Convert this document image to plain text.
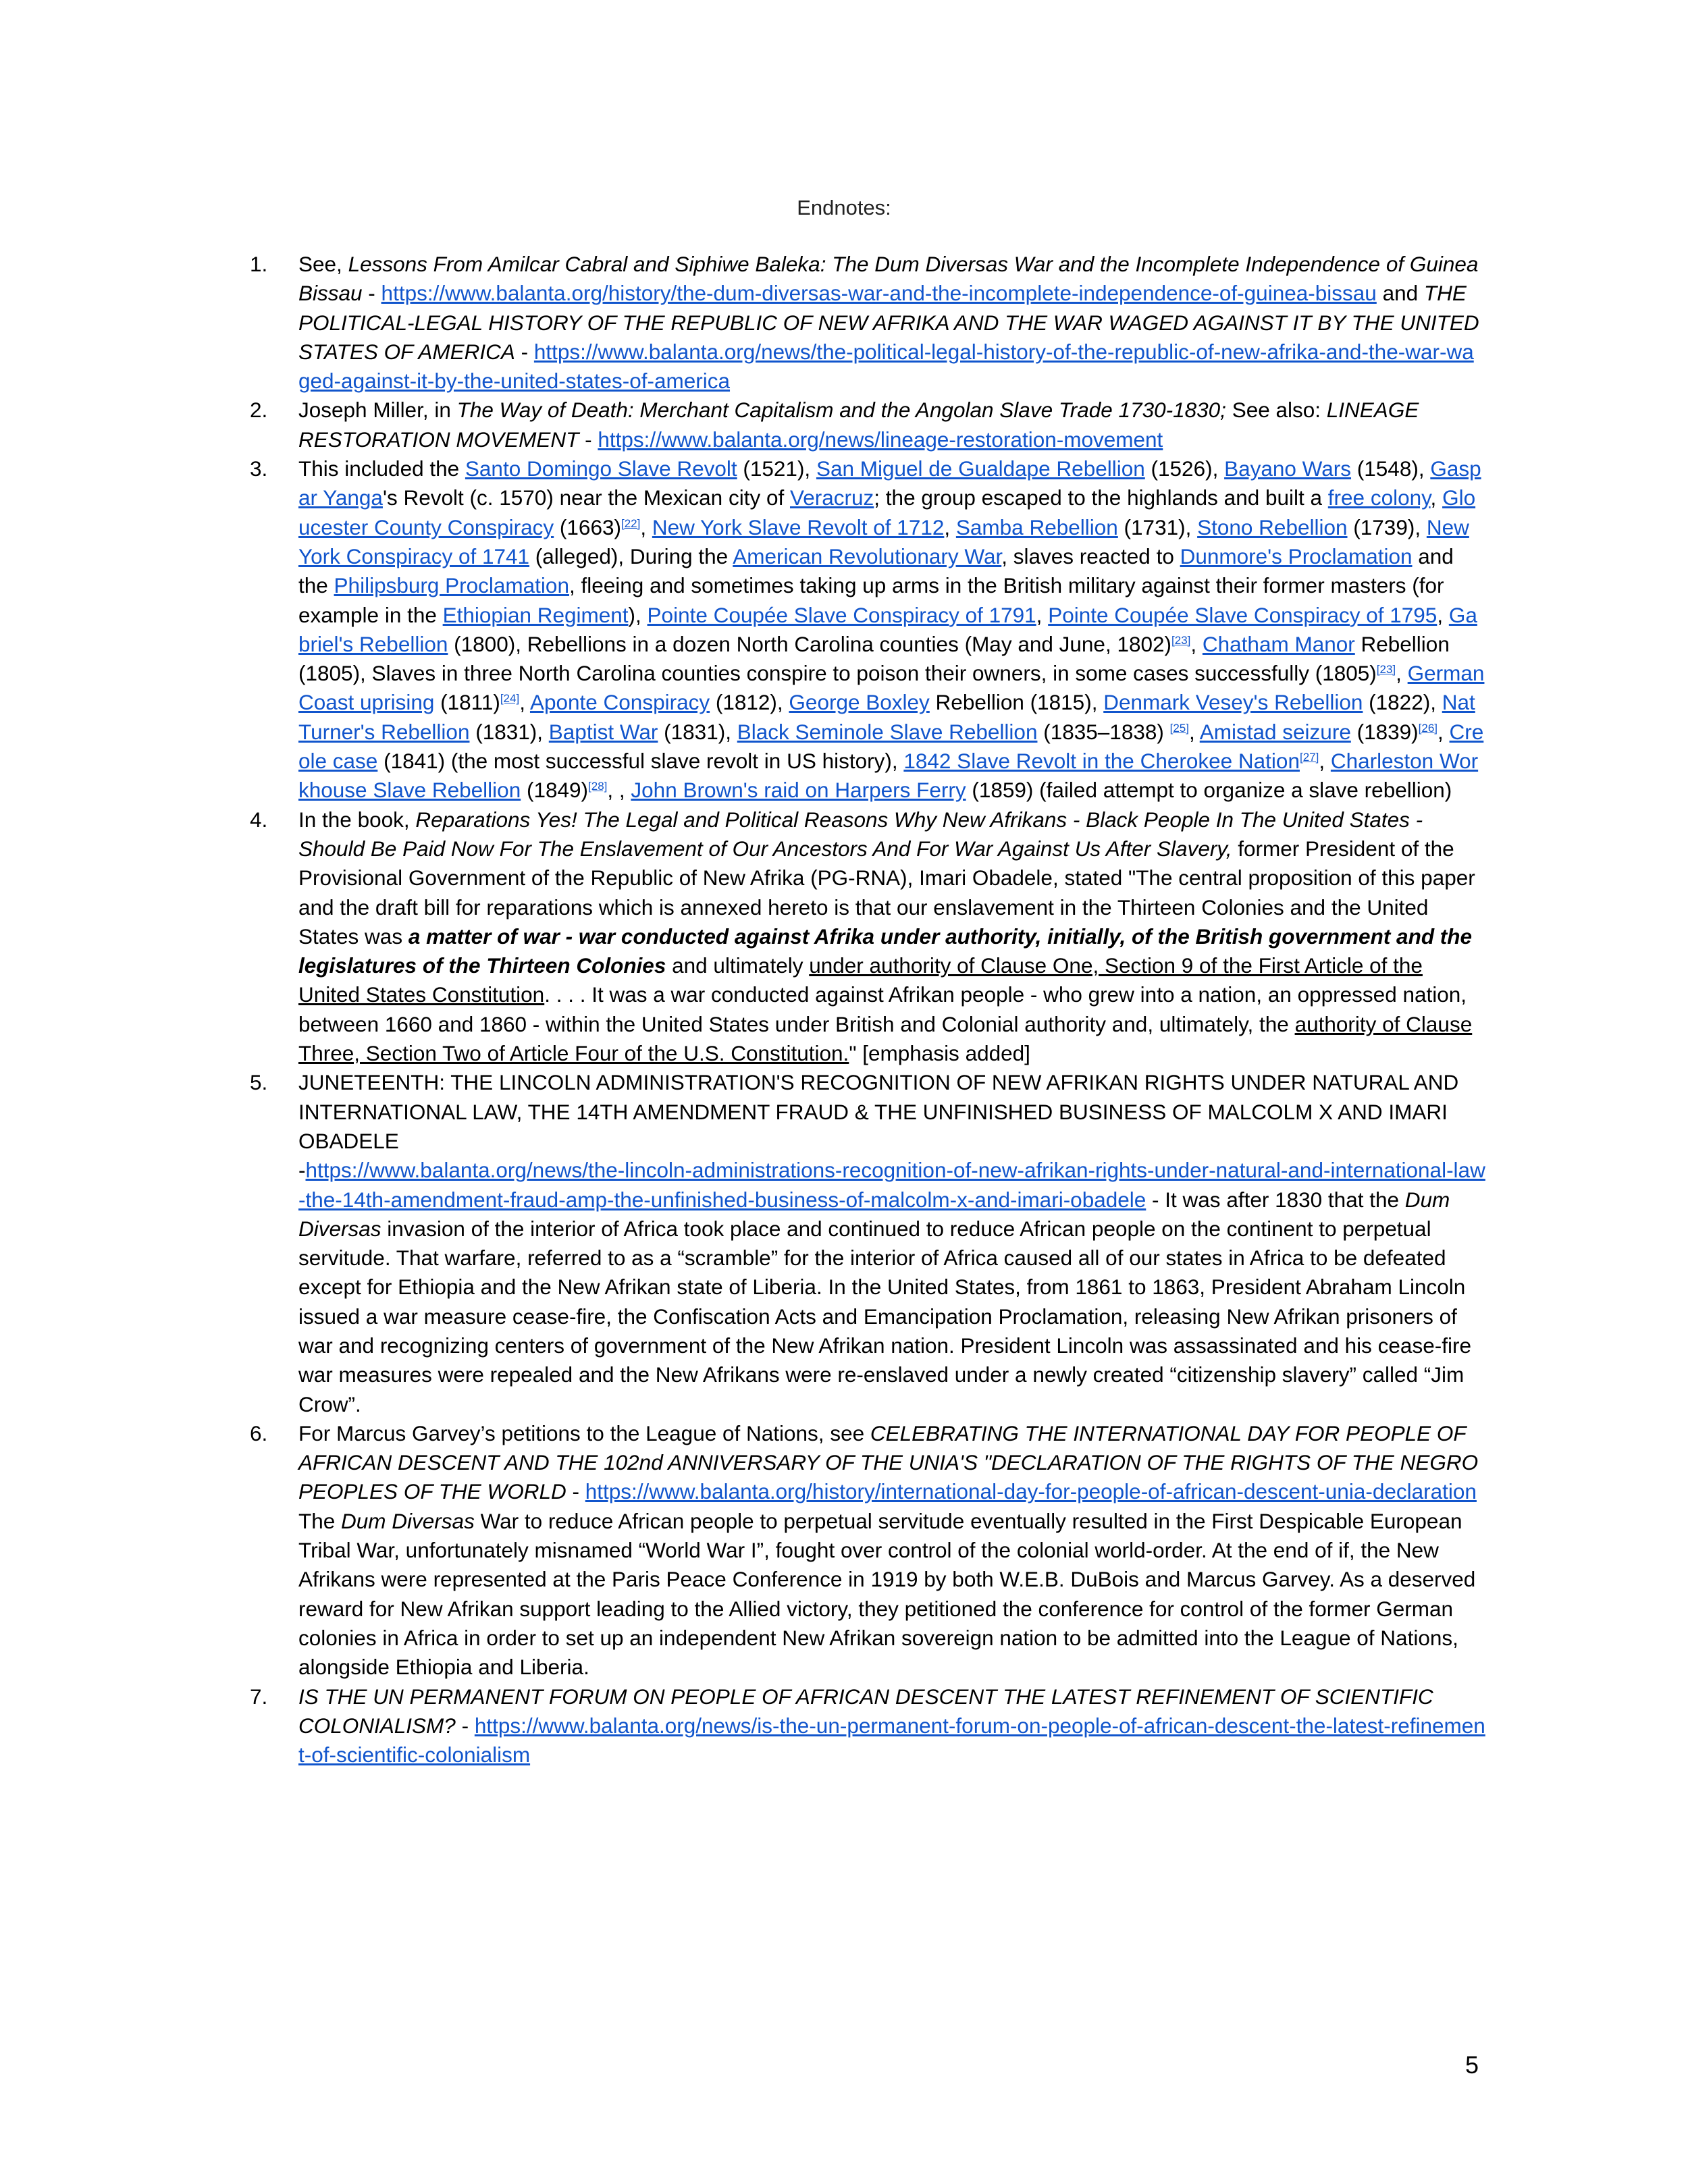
Endnotes:
1.	See, Lessons From Amilcar Cabral and Siphiwe Baleka: The Dum Diversas War and the Incomplete Independence of Guinea Bissau - https://www.balanta.org/history/the-dum-diversas-war-and-the-incomplete-independence-of-guinea-bissau and THE POLITICAL-LEGAL HISTORY OF THE REPUBLIC OF NEW AFRIKA AND THE WAR WAGED AGAINST IT BY THE UNITED STATES OF AMERICA - https://www.balanta.org/news/the-political-legal-history-of-the-republic-of-new-afrika-and-the-war-waged-against-it-by-the-united-states-of-america
2.	Joseph Miller, in The Way of Death: Merchant Capitalism and the Angolan Slave Trade 1730-1830; See also: LINEAGE RESTORATION MOVEMENT - https://www.balanta.org/news/lineage-restoration-movement
3.	This included the Santo Domingo Slave Revolt (1521), San Miguel de Gualdape Rebellion (1526), Bayano Wars (1548), Gaspar Yanga's Revolt (c. 1570) near the Mexican city of Veracruz; the group escaped to the highlands and built a free colony, Gloucester County Conspiracy (1663)[22], New York Slave Revolt of 1712, Samba Rebellion (1731), Stono Rebellion (1739), New York Conspiracy of 1741 (alleged), During the American Revolutionary War, slaves reacted to Dunmore's Proclamation and the Philipsburg Proclamation, fleeing and sometimes taking up arms in the British military against their former masters (for example in the Ethiopian Regiment), Pointe Coupée Slave Conspiracy of 1791, Pointe Coupée Slave Conspiracy of 1795, Gabriel's Rebellion (1800), Rebellions in a dozen North Carolina counties (May and June, 1802)[23], Chatham Manor Rebellion (1805), Slaves in three North Carolina counties conspire to poison their owners, in some cases successfully (1805)[23], German Coast uprising (1811)[24], Aponte Conspiracy (1812), George Boxley Rebellion (1815), Denmark Vesey's Rebellion (1822), Nat Turner's Rebellion (1831), Baptist War (1831), Black Seminole Slave Rebellion (1835–1838) [25], Amistad seizure (1839)[26], Creole case (1841) (the most successful slave revolt in US history), 1842 Slave Revolt in the Cherokee Nation[27], Charleston Workhouse Slave Rebellion (1849)[28], , John Brown's raid on Harpers Ferry (1859) (failed attempt to organize a slave rebellion)
4.	In the book, Reparations Yes! The Legal and Political Reasons Why New Afrikans - Black People In The United States - Should Be Paid Now For The Enslavement of Our Ancestors And For War Against Us After Slavery, former President of the Provisional Government of the Republic of New Afrika (PG-RNA), Imari Obadele, stated "The central proposition of this paper and the draft bill for reparations which is annexed hereto is that our enslavement in the Thirteen Colonies and the United States was a matter of war - war conducted against Afrika under authority, initially, of the British government and the legislatures of the Thirteen Colonies and ultimately under authority of Clause One, Section 9 of the First Article of the United States Constitution. . . . It was a war conducted against Afrikan people - who grew into a nation, an oppressed nation, between 1660 and 1860 - within the United States under British and Colonial authority and, ultimately, the authority of Clause Three, Section Two of Article Four of the U.S. Constitution." [emphasis added]
5.	JUNETEENTH: THE LINCOLN ADMINISTRATION'S RECOGNITION OF NEW AFRIKAN RIGHTS UNDER NATURAL AND INTERNATIONAL LAW, THE 14TH AMENDMENT FRAUD & THE UNFINISHED BUSINESS OF MALCOLM X AND IMARI OBADELE
-https://www.balanta.org/news/the-lincoln-administrations-recognition-of-new-afrikan-rights-under-natural-and-international-law-the-14th-amendment-fraud-amp-the-unfinished-business-of-malcolm-x-and-imari-obadele - It was after 1830 that the Dum Diversas invasion of the interior of Africa took place and continued to reduce African people on the continent to perpetual servitude. That warfare, referred to as a “scramble” for the interior of Africa caused all of our states in Africa to be defeated except for Ethiopia and the New Afrikan state of Liberia. In the United States, from 1861 to 1863, President Abraham Lincoln issued a war measure cease-fire, the Confiscation Acts and Emancipation Proclamation, releasing New Afrikan prisoners of war and recognizing centers of government of the New Afrikan nation. President Lincoln was assassinated and his cease-fire war measures were repealed and the New Afrikans were re-enslaved under a newly created “citizenship slavery” called “Jim Crow”.
6.	For Marcus Garvey’s petitions to the League of Nations, see CELEBRATING THE INTERNATIONAL DAY FOR PEOPLE OF AFRICAN DESCENT AND THE 102nd ANNIVERSARY OF THE UNIA'S "DECLARATION OF THE RIGHTS OF THE NEGRO PEOPLES OF THE WORLD - https://www.balanta.org/history/international-day-for-people-of-african-descent-unia-declaration The Dum Diversas War to reduce African people to perpetual servitude eventually resulted in the First Despicable European Tribal War, unfortunately misnamed “World War I”, fought over control of the colonial world-order. At the end of if, the New Afrikans were represented at the Paris Peace Conference in 1919 by both W.E.B. DuBois and Marcus Garvey. As a deserved reward for New Afrikan support leading to the Allied victory, they petitioned the conference for control of the former German colonies in Africa in order to set up an independent New Afrikan sovereign nation to be admitted into the League of Nations, alongside Ethiopia and Liberia.
7.	IS THE UN PERMANENT FORUM ON PEOPLE OF AFRICAN DESCENT THE LATEST REFINEMENT OF SCIENTIFIC COLONIALISM? - https://www.balanta.org/news/is-the-un-permanent-forum-on-people-of-african-descent-the-latest-refinement-of-scientific-colonialism
5
